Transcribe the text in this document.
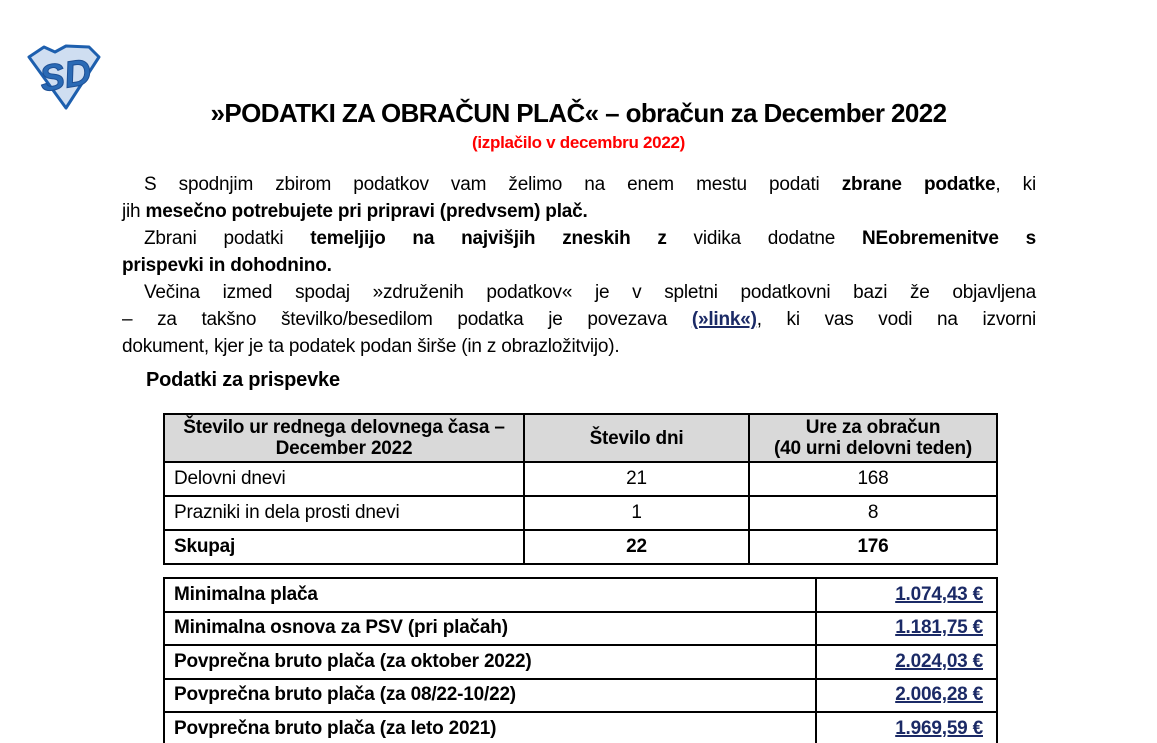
SD
»PODATKI ZA OBRAČUN PLAČ« – obračun za December 2022
(izplačilo v decembru 2022)
S spodnjim zbirom podatkov vam želimo na enem mestu podati zbrane podatke, ki
jih mesečno potrebujete pri pripravi (predvsem) plač.
Zbrani podatki temeljijo na najvišjih zneskih z vidika dodatne NEobremenitve s
prispevki in dohodnino.
Večina izmed spodaj »združenih podatkov« je v spletni podatkovni bazi že objavljena
– za takšno številko/besedilom podatka je povezava (»link«), ki vas vodi na izvorni
dokument, kjer je ta podatek podan širše (in z obrazložitvijo).
Podatki za prispevke
Število ur rednega delovnega časa –
December 2022	Število dni	Ure za obračun
(40 urni delovni teden)

Delovni dnevi	21	168
Prazniki in dela prosti dnevi	1	8
Skupaj	22	176
Minimalna plača	1.074,43 €
Minimalna osnova za PSV (pri plačah)	1.181,75 €
Povprečna bruto plača (za oktober 2022)	2.024,03 €
Povprečna bruto plača (za 08/22-10/22)	2.006,28 €
Povprečna bruto plača (za leto 2021)	1.969,59 €
